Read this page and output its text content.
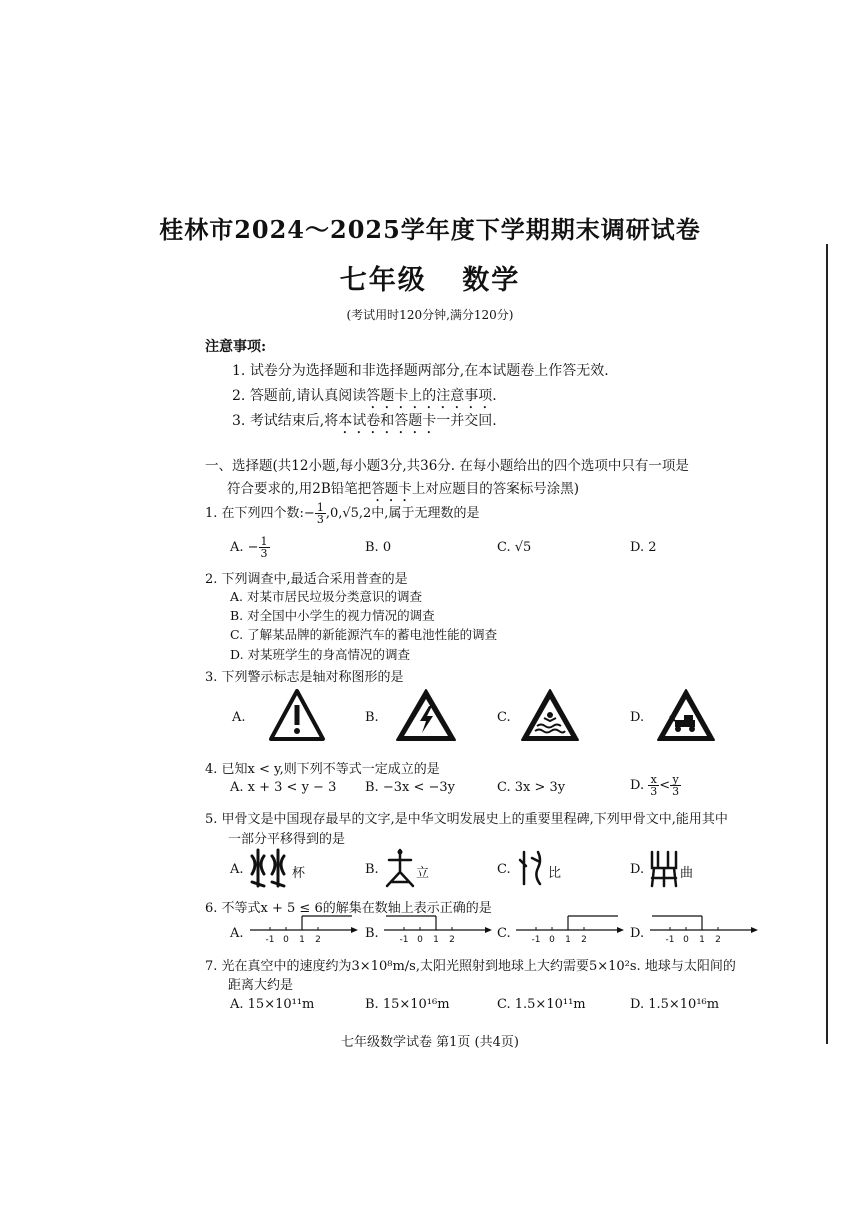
桂林市2024～2025学年度下学期期末调研试卷
七年级 数学
(考试用时120分钟,满分120分)
注意事项:
1. 试卷分为选择题和非选择题两部分,在本试题卷上作答无效.
2. 答题前,请认真阅读答题卡上的注意事项.
3. 考试结束后,将本试卷和答题卡一并交回.
一、选择题(共12小题,每小题3分,共36分. 在每小题给出的四个选项中只有一项是
符合要求的,用2B铅笔把答题卡上对应题目的答案标号涂黑)
1. 在下列四个数:− $\frac{1}{3} ,0,√5,2$中,属于无理数的是
A. − $\frac{1}{3}$	B. 0	C. √5	D. 2
2. 下列调查中,最适合采用普查的是
A. 对某市居民垃圾分类意识的调查
B. 对全国中小学生的视力情况的调查
C. 了解某品牌的新能源汽车的蓄电池性能的调查
D. 对某班学生的身高情况的调查
3. 下列警示标志是轴对称图形的是
A.	B.	C.	D.
4. 已知x < y,则下列不等式一定成立的是
A. x + 3 < y − 3 B. −3x < −3y	C. 3x > 3y	D. $\frac{x}{3} < \frac{y}{3}$
5. 甲骨文是中国现存最早的文字,是中华文明发展史上的重要里程碑,下列甲骨文中,能用其中
一部分平移得到的是
A.	杯	B.	立	C.	比	D.	曲
6. 不等式x + 5 ≤ 6的解集在数轴上表示正确的是
A. -1 0 1 2	B. -1 0 1 2	C. -1 0 1 2	D. -1 0 1 2
7. 光在真空中的速度约为3×10⁸m/s,太阳光照射到地球上大约需要5×10²s. 地球与太阳间的
距离大约是
A. 15×10¹¹m	B. 15×10¹⁶m	C. 1.5×10¹¹m	D. 1.5×10¹⁶m
七年级数学试卷 第1页 (共4页)
